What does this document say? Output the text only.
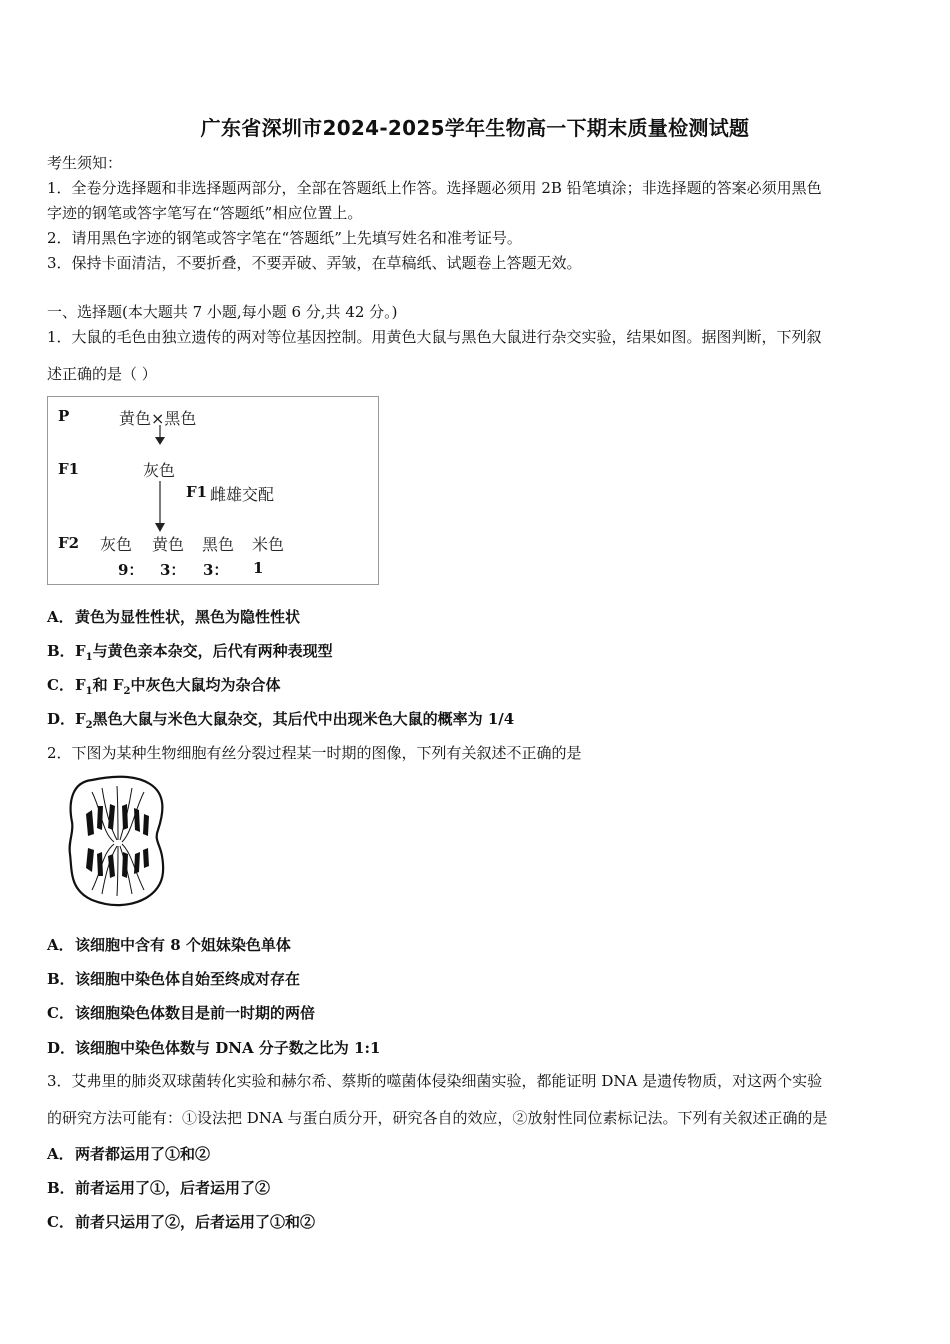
广东省深圳市2024-2025学年生物高一下期末质量检测试题
考生须知：
1．全卷分选择题和非选择题两部分，全部在答题纸上作答。选择题必须用 2B 铅笔填涂；非选择题的答案必须用黑色
字迹的钢笔或答字笔写在“答题纸”相应位置上。
2．请用黑色字迹的钢笔或答字笔在“答题纸”上先填写姓名和准考证号。
3．保持卡面清洁，不要折叠，不要弄破、弄皱，在草稿纸、试题卷上答题无效。
一、选择题(本大题共 7 小题,每小题 6 分,共 42 分。)
1．大鼠的毛色由独立遗传的两对等位基因控制。用黄色大鼠与黑色大鼠进行杂交实验，结果如图。据图判断，下列叙
述正确的是（ ）
P	黄色×黑色
F1	灰色
F1 雌雄交配
F2 灰色 黄色 黑色 米色
9： 3： 3： 1
A．黄色为显性性状，黑色为隐性性状
B．$F_1$与黄色亲本杂交，后代有两种表现型
C．$F_1$和 $F_2$中灰色大鼠均为杂合体
D．$F_2$黑色大鼠与米色大鼠杂交，其后代中出现米色大鼠的概率为 1/4
2．下图为某种生物细胞有丝分裂过程某一时期的图像，下列有关叙述不正确的是
A．该细胞中含有 8 个姐妹染色单体
B．该细胞中染色体自始至终成对存在
C．该细胞染色体数目是前一时期的两倍
D．该细胞中染色体数与 DNA 分子数之比为 1:1
3．艾弗里的肺炎双球菌转化实验和赫尔希、蔡斯的噬菌体侵染细菌实验，都能证明 DNA 是遗传物质，对这两个实验
的研究方法可能有：①设法把 DNA 与蛋白质分开，研究各自的效应，②放射性同位素标记法。下列有关叙述正确的是
A．两者都运用了①和②
B．前者运用了①，后者运用了②
C．前者只运用了②，后者运用了①和②
